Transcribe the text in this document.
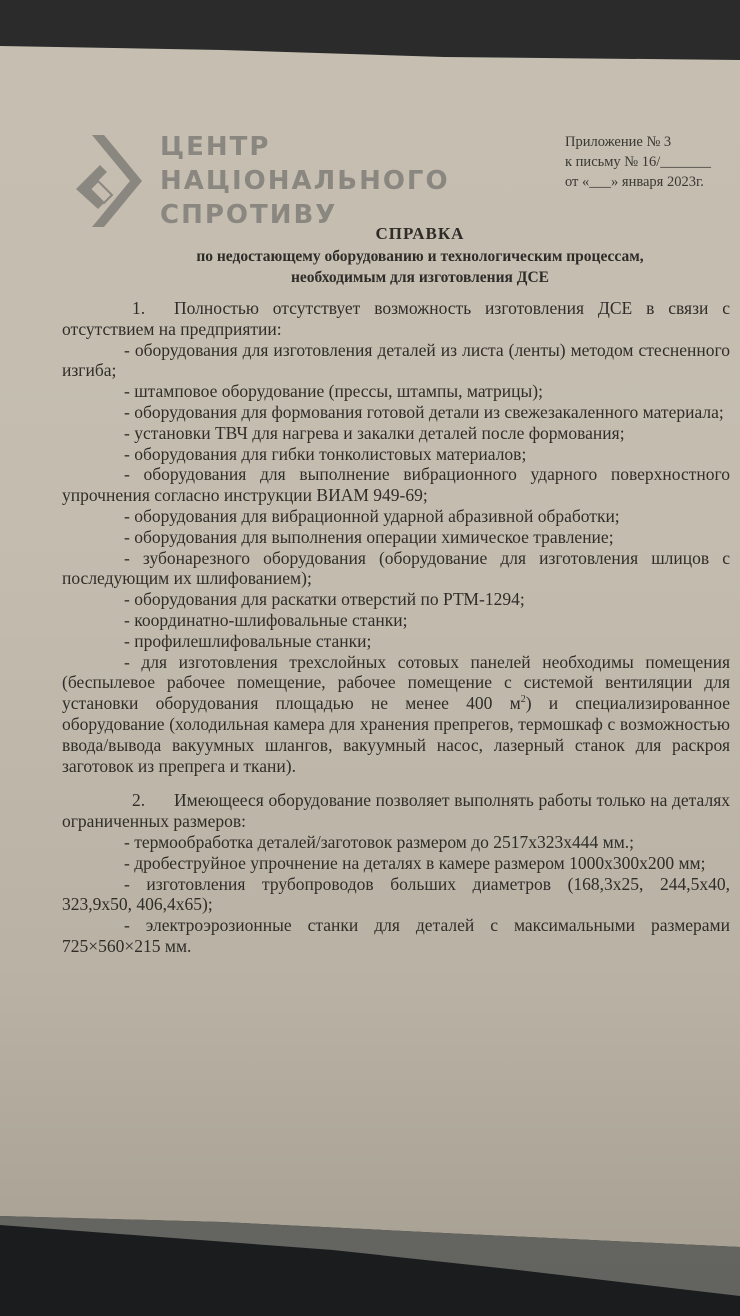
ЦЕНТР
НАЦІОНАЛЬНОГО
СПРОТИВУ
Приложение № 3
к письму № 16/_______
от «___» января 2023г.
СПРАВКА
по недостающему оборудованию и технологическим процессам,
необходимым для изготовления ДСЕ

1. Полностью отсутствует возможность изготовления ДСЕ в связи с отсутствием на предприятии:

- оборудования для изготовления деталей из листа (ленты) методом стесненного изгиба;

- штамповое оборудование (прессы, штампы, матрицы);

- оборудования для формования готовой детали из свежезакаленного материала;

- установки ТВЧ для нагрева и закалки деталей после формования;

- оборудования для гибки тонколистовых материалов;

- оборудования для выполнение вибрационного ударного поверхностного упрочнения согласно инструкции ВИАМ 949-69;

- оборудования для вибрационной ударной абразивной обработки;

- оборудования для выполнения операции химическое травление;

- зубонарезного оборудования (оборудование для изготовления шлицов с последующим их шлифованием);

- оборудования для раскатки отверстий по РТМ-1294;

- координатно-шлифовальные станки;

- профилешлифовальные станки;

- для изготовления трехслойных сотовых панелей необходимы помещения (беспылевое рабочее помещение, рабочее помещение с системой вентиляции для установки оборудования площадью не менее 400 $м^2$) и специализированное оборудование (холодильная камера для хранения препрегов, термошкаф с возможностью ввода/вывода вакуумных шлангов, вакуумный насос, лазерный станок для раскроя заготовок из препрега и ткани).

2. Имеющееся оборудование позволяет выполнять работы только на деталях ограниченных размеров:

- термообработка деталей/заготовок размером до 2517х323х444 мм.;

- дробеструйное упрочнение на деталях в камере размером 1000х300х200 мм;

- изготовления трубопроводов больших диаметров (168,3х25, 244,5х40, 323,9х50, 406,4х65);

- электроэрозионные станки для деталей с максимальными размерами 725×560×215 мм.
